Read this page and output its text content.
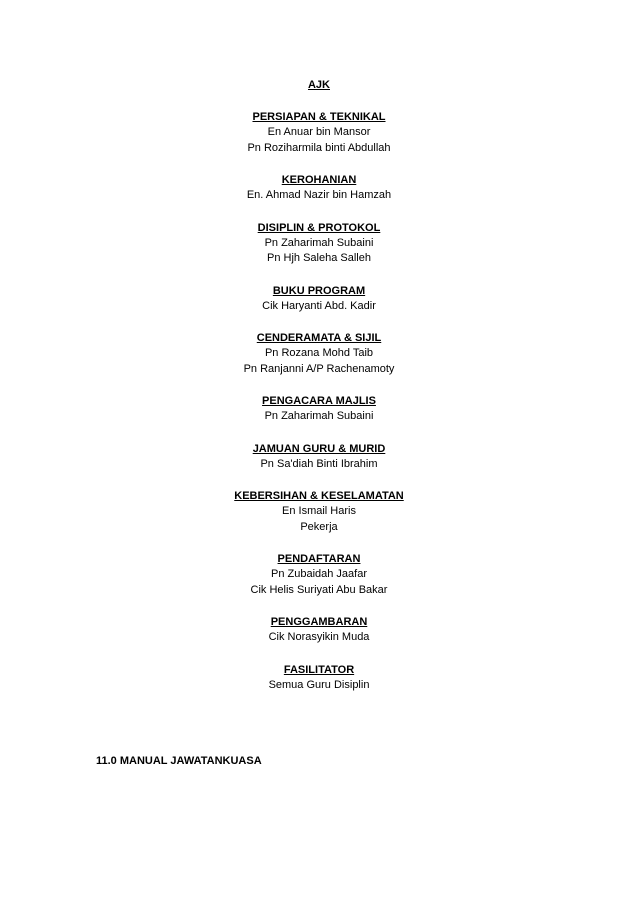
AJK
PERSIAPAN & TEKNIKAL
En Anuar bin Mansor
Pn Roziharmila binti Abdullah
KEROHANIAN
En. Ahmad Nazir bin Hamzah
DISIPLIN & PROTOKOL
Pn Zaharimah Subaini
Pn Hjh Saleha Salleh
BUKU PROGRAM
Cik Haryanti Abd. Kadir
CENDERAMATA & SIJIL
Pn Rozana Mohd Taib
Pn Ranjanni A/P Rachenamoty
PENGACARA MAJLIS
Pn Zaharimah Subaini
JAMUAN GURU & MURID
Pn Sa'diah Binti Ibrahim
KEBERSIHAN & KESELAMATAN
En Ismail Haris
Pekerja
PENDAFTARAN
Pn Zubaidah Jaafar
Cik Helis Suriyati Abu Bakar
PENGGAMBARAN
Cik Norasyikin Muda
FASILITATOR
Semua Guru Disiplin
11.0 MANUAL JAWATANKUASA
